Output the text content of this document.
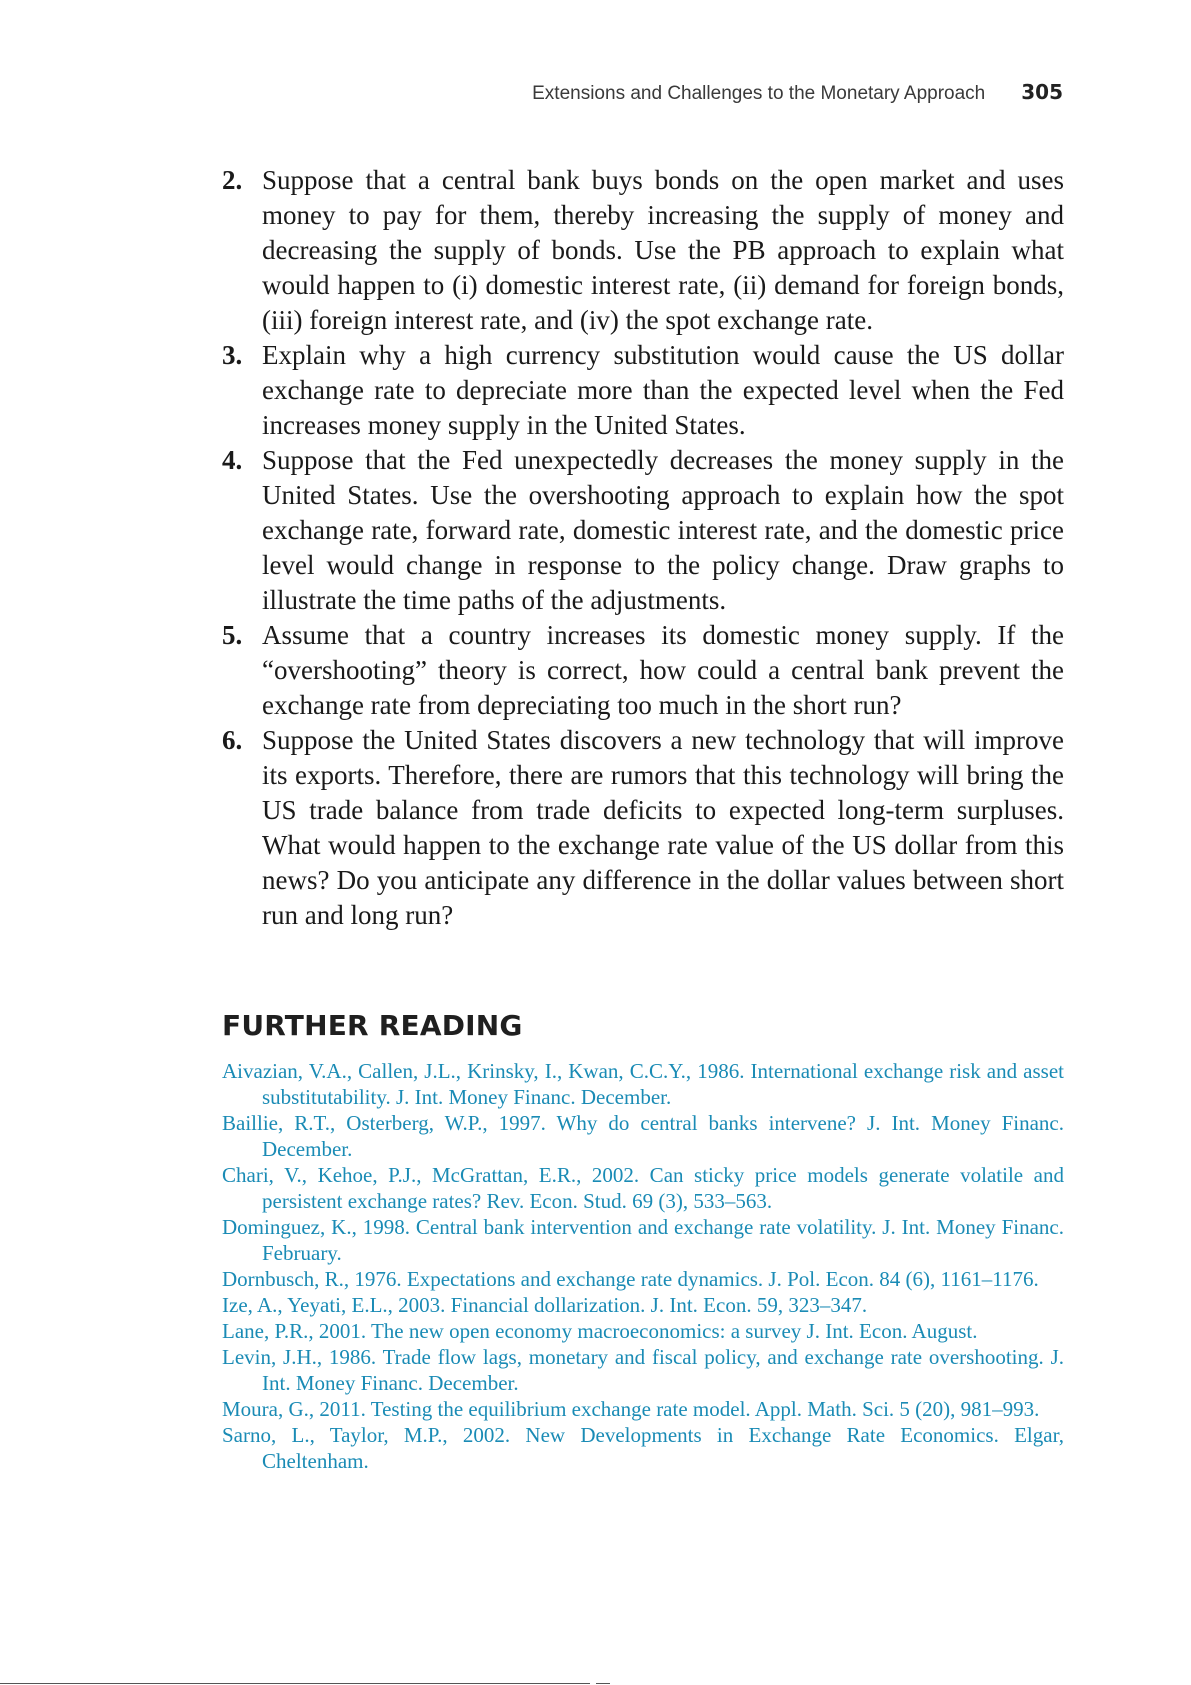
Extensions and Challenges to the Monetary Approach 305
2. Suppose that a central bank buys bonds on the open market and uses money to pay for them, thereby increasing the supply of money and decreasing the supply of bonds. Use the PB approach to explain what would happen to (i) domestic interest rate, (ii) demand for foreign bonds, (iii) foreign interest rate, and (iv) the spot exchange rate.
3. Explain why a high currency substitution would cause the US dollar exchange rate to depreciate more than the expected level when the Fed increases money supply in the United States.
4. Suppose that the Fed unexpectedly decreases the money supply in the United States. Use the overshooting approach to explain how the spot exchange rate, forward rate, domestic interest rate, and the domestic price level would change in response to the policy change. Draw graphs to illustrate the time paths of the adjustments.
5. Assume that a country increases its domestic money supply. If the “overshooting” theory is correct, how could a central bank prevent the exchange rate from depreciating too much in the short run?
6. Suppose the United States discovers a new technology that will improve its exports. Therefore, there are rumors that this technology will bring the US trade balance from trade deficits to expected long-term surpluses. What would happen to the exchange rate value of the US dollar from this news? Do you anticipate any difference in the dollar values between short run and long run?
FURTHER READING
Aivazian, V.A., Callen, J.L., Krinsky, I., Kwan, C.C.Y., 1986. International exchange risk and asset substitutability. J. Int. Money Financ. December.
Baillie, R.T., Osterberg, W.P., 1997. Why do central banks intervene? J. Int. Money Financ. December.
Chari, V., Kehoe, P.J., McGrattan, E.R., 2002. Can sticky price models generate volatile and persistent exchange rates? Rev. Econ. Stud. 69 (3), 533–563.
Dominguez, K., 1998. Central bank intervention and exchange rate volatility. J. Int. Money Financ. February.
Dornbusch, R., 1976. Expectations and exchange rate dynamics. J. Pol. Econ. 84 (6), 1161–1176.
Ize, A., Yeyati, E.L., 2003. Financial dollarization. J. Int. Econ. 59, 323–347.
Lane, P.R., 2001. The new open economy macroeconomics: a survey J. Int. Econ. August.
Levin, J.H., 1986. Trade flow lags, monetary and fiscal policy, and exchange rate overshooting. J. Int. Money Financ. December.
Moura, G., 2011. Testing the equilibrium exchange rate model. Appl. Math. Sci. 5 (20), 981–993.
Sarno, L., Taylor, M.P., 2002. New Developments in Exchange Rate Economics. Elgar, Cheltenham.
